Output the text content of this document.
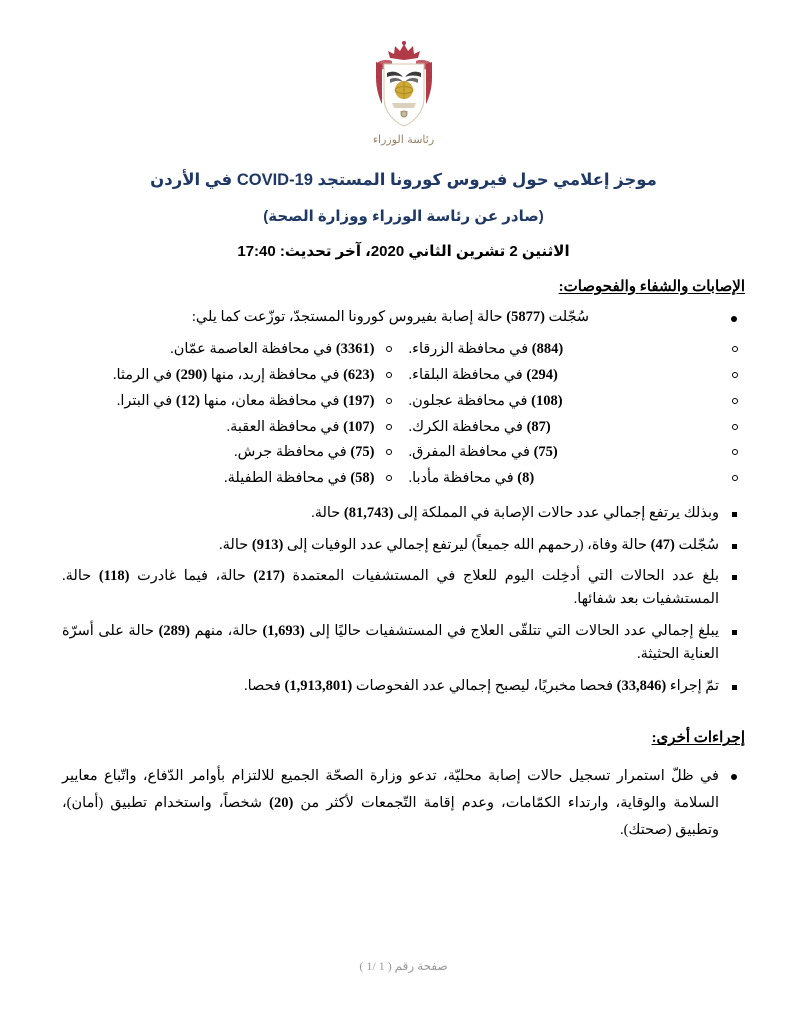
رئاسة الوزراء
موجز إعلامي حول فيروس كورونا المستجد COVID-19 في الأردن
(صادر عن رئاسة الوزراء ووزارة الصحة)
الاثنين 2 تشرين الثاني 2020، آخر تحديث: 17:40
الإصابات والشفاء والفحوصات:
سُجّلت (5877) حالة إصابة بفيروس كورونا المستجدّ، توزّعت كما يلي:
(884) في محافظة الزرقاء.
(3361) في محافظة العاصمة عمّان.
(294) في محافظة البلقاء.
(623) في محافظة إربد، منها (290) في الرمثا.
(108) في محافظة عجلون.
(197) في محافظة معان، منها (12) في البترا.
(87) في محافظة الكرك.
(107) في محافظة العقبة.
(75) في محافظة المفرق.
(75) في محافظة جرش.
(8) في محافظة مأدبا.
(58) في محافظة الطفيلة.
وبذلك يرتفع إجمالي عدد حالات الإصابة في المملكة إلى (81,743) حالة.
سُجّلت (47) حالة وفاة، (رحمهم الله جميعاً) ليرتفع إجمالي عدد الوفيات إلى (913) حالة.
بلغ عدد الحالات التي أدخِلت اليوم للعلاج في المستشفيات المعتمدة (217) حالة، فيما غادرت (118) حالة. المستشفيات بعد شفائها.
يبلغ إجمالي عدد الحالات التي تتلقّى العلاج في المستشفيات حاليًا إلى (1,693) حالة، منهم (289) حالة على أسرّة العناية الحثيثة.
تمّ إجراء (33,846) فحصا مخبريًا، ليصبح إجمالي عدد الفحوصات (1,913,801) فحصا.
إجراءات أخرى:
في ظلّ استمرار تسجيل حالات إصابة محليّة، تدعو وزارة الصحّة الجميع للالتزام بأوامر الدّفاع، واتّباع معايير السلامة والوقاية، وارتداء الكمّامات، وعدم إقامة التّجمعات لأكثر من (20) شخصاً، واستخدام تطبيق (أمان)، وتطبيق (صحتك).
صفحة رقم ( 1 /1 )
